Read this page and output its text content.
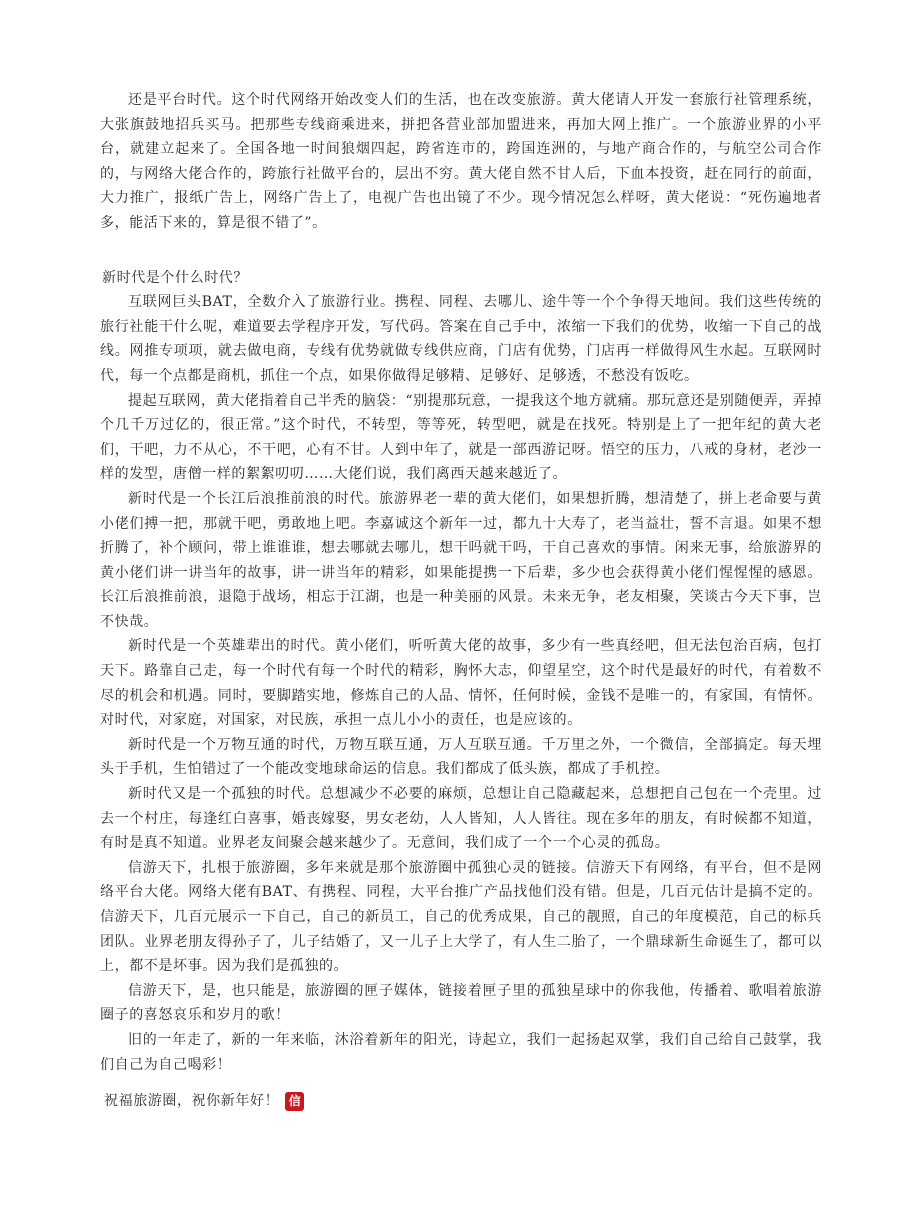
还是平台时代。这个时代网络开始改变人们的生活，也在改变旅游。黄大佬请人开发一套旅行社管理系统，大张旗鼓地招兵买马。把那些专线商乘进来，拼把各营业部加盟进来，再加大网上推广。一个旅游业界的小平台，就建立起来了。全国各地一时间狼烟四起，跨省连市的，跨国连洲的，与地产商合作的，与航空公司合作的，与网络大佬合作的，跨旅行社做平台的，层出不穷。黄大佬自然不甘人后，下血本投资，赶在同行的前面，大力推广，报纸广告上，网络广告上了，电视广告也出镜了不少。现今情况怎么样呀，黄大佬说：“死伤遍地者多，能活下来的，算是很不错了”。

新时代是个什么时代？

互联网巨头BAT，全数介入了旅游行业。携程、同程、去哪儿、途牛等一个个争得天地间。我们这些传统的旅行社能干什么呢，难道要去学程序开发，写代码。答案在自己手中，浓缩一下我们的优势，收缩一下自己的战线。网推专项项，就去做电商，专线有优势就做专线供应商，门店有优势，门店再一样做得风生水起。互联网时代，每一个点都是商机，抓住一个点，如果你做得足够精、足够好、足够透，不愁没有饭吃。

提起互联网，黄大佬指着自己半秃的脑袋：“别提那玩意，一提我这个地方就痛。那玩意还是别随便弄，弄掉个几千万过亿的，很正常。”这个时代，不转型，等等死，转型吧，就是在找死。特别是上了一把年纪的黄大老们，干吧，力不从心，不干吧，心有不甘。人到中年了，就是一部西游记呀。悟空的压力，八戒的身材，老沙一样的发型，唐僧一样的絮絮叨叨……大佬们说，我们离西天越来越近了。

新时代是一个长江后浪推前浪的时代。旅游界老一辈的黄大佬们，如果想折腾，想清楚了，拼上老命要与黄小佬们搏一把，那就干吧，勇敢地上吧。李嘉诚这个新年一过，都九十大寿了，老当益壮，誓不言退。如果不想折腾了，补个顾问，带上谁谁谁，想去哪就去哪儿，想干吗就干吗，干自己喜欢的事情。闲来无事，给旅游界的黄小佬们讲一讲当年的故事，讲一讲当年的精彩，如果能提携一下后辈，多少也会获得黄小佬们惺惺惺的感恩。长江后浪推前浪，退隐于战场，相忘于江湖，也是一种美丽的风景。未来无争，老友相聚，笑谈古今天下事，岂不快哉。

新时代是一个英雄辈出的时代。黄小佬们，听听黄大佬的故事，多少有一些真经吧，但无法包治百病，包打天下。路靠自己走，每一个时代有每一个时代的精彩，胸怀大志，仰望星空，这个时代是最好的时代，有着数不尽的机会和机遇。同时，要脚踏实地，修炼自己的人品、情怀，任何时候，金钱不是唯一的，有家国，有情怀。对时代，对家庭，对国家，对民族，承担一点儿小小的责任，也是应该的。

新时代是一个万物互通的时代，万物互联互通，万人互联互通。千万里之外，一个微信，全部搞定。每天埋头于手机，生怕错过了一个能改变地球命运的信息。我们都成了低头族，都成了手机控。

新时代又是一个孤独的时代。总想减少不必要的麻烦，总想让自己隐藏起来，总想把自己包在一个壳里。过去一个村庄，每逢红白喜事，婚丧嫁娶，男女老幼，人人皆知，人人皆往。现在多年的朋友，有时候都不知道，有时是真不知道。业界老友间聚会越来越少了。无意间，我们成了一个一个心灵的孤岛。

信游天下，扎根于旅游圈，多年来就是那个旅游圈中孤独心灵的链接。信游天下有网络，有平台，但不是网络平台大佬。网络大佬有BAT、有携程、同程，大平台推广产品找他们没有错。但是，几百元估计是搞不定的。信游天下，几百元展示一下自己，自己的新员工，自己的优秀成果，自己的靓照，自己的年度模范，自己的标兵团队。业界老朋友得孙子了，儿子结婚了，又一儿子上大学了，有人生二胎了，一个鼎球新生命诞生了，都可以上，都不是坏事。因为我们是孤独的。

信游天下，是，也只能是，旅游圈的匣子媒体，链接着匣子里的孤独星球中的你我他，传播着、歌唱着旅游圈子的喜怒哀乐和岁月的歌！

旧的一年走了，新的一年来临，沐浴着新年的阳光，诗起立，我们一起扬起双掌，我们自己给自己鼓掌，我们自己为自己喝彩！

祝福旅游圈，祝你新年好！ 信
